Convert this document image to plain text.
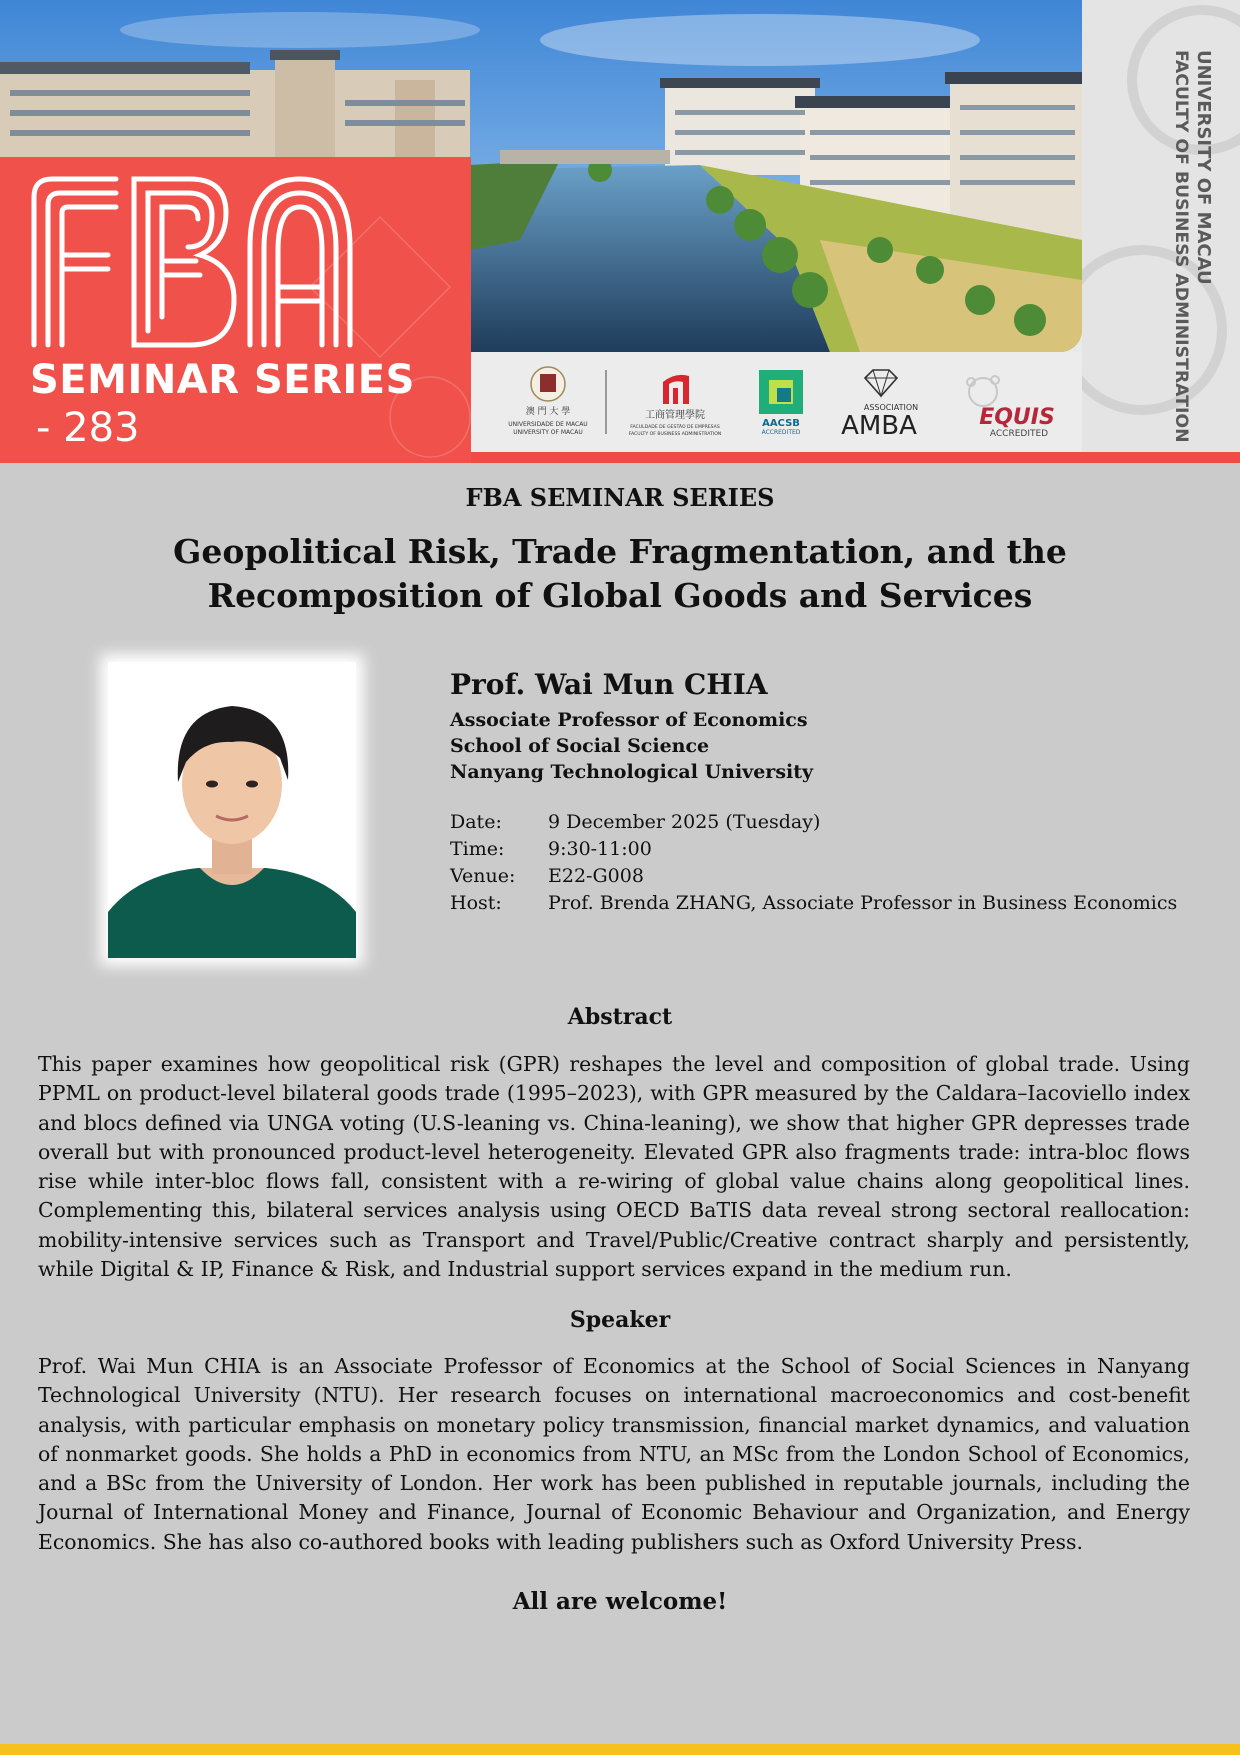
UNIVERSITY OF MACAU
FACULTY OF BUSINESS ADMINISTRATION
SEMINAR SERIES
- 283	澳 門 大 學
UNIVERSIDADE DE MACAU
UNIVERSITY OF MACAU
工商管理學院
FACULDADE DE GESTÃO DE EMPRESAS
FACULTY OF BUSINESS ADMINISTRATION
AACSB
ACCREDITED
ASSOCIATION
AMBA	EQUIS
ACCREDITED

FBA SEMINAR SERIES

Geopolitical Risk, Trade Fragmentation, and the
Recomposition of Global Goods and Services
Prof. Wai Mun CHIA
Associate Professor of Economics
School of Social Science
Nanyang Technological University
Date:	9 December 2025 (Tuesday)
Time:	9:30-11:00
Venue:	E22-G008
Host:	Prof. Brenda ZHANG, Associate Professor in Business Economics
Abstract

This paper examines how geopolitical risk (GPR) reshapes the level and composition of global trade. Using PPML on product-level bilateral goods trade (1995–2023), with GPR measured by the Caldara–Iacoviello index and blocs defined via UNGA voting (U.S-leaning vs. China-leaning), we show that higher GPR depresses trade overall but with pronounced product-level heterogeneity. Elevated GPR also fragments trade: intra-bloc flows rise while inter-bloc flows fall, consistent with a re-wiring of global value chains along geopolitical lines. Complementing this, bilateral services analysis using OECD BaTIS data reveal strong sectoral reallocation: mobility-intensive services such as Transport and Travel/Public/Creative contract sharply and persistently, while Digital & IP, Finance & Risk, and Industrial support services expand in the medium run.

Speaker

Prof. Wai Mun CHIA is an Associate Professor of Economics at the School of Social Sciences in Nanyang Technological University (NTU). Her research focuses on international macroeconomics and cost-benefit analysis, with particular emphasis on monetary policy transmission, financial market dynamics, and valuation of nonmarket goods. She holds a PhD in economics from NTU, an MSc from the London School of Economics, and a BSc from the University of London. Her work has been published in reputable journals, including the Journal of International Money and Finance, Journal of Economic Behaviour and Organization, and Energy Economics. She has also co-authored books with leading publishers such as Oxford University Press.

All are welcome!
